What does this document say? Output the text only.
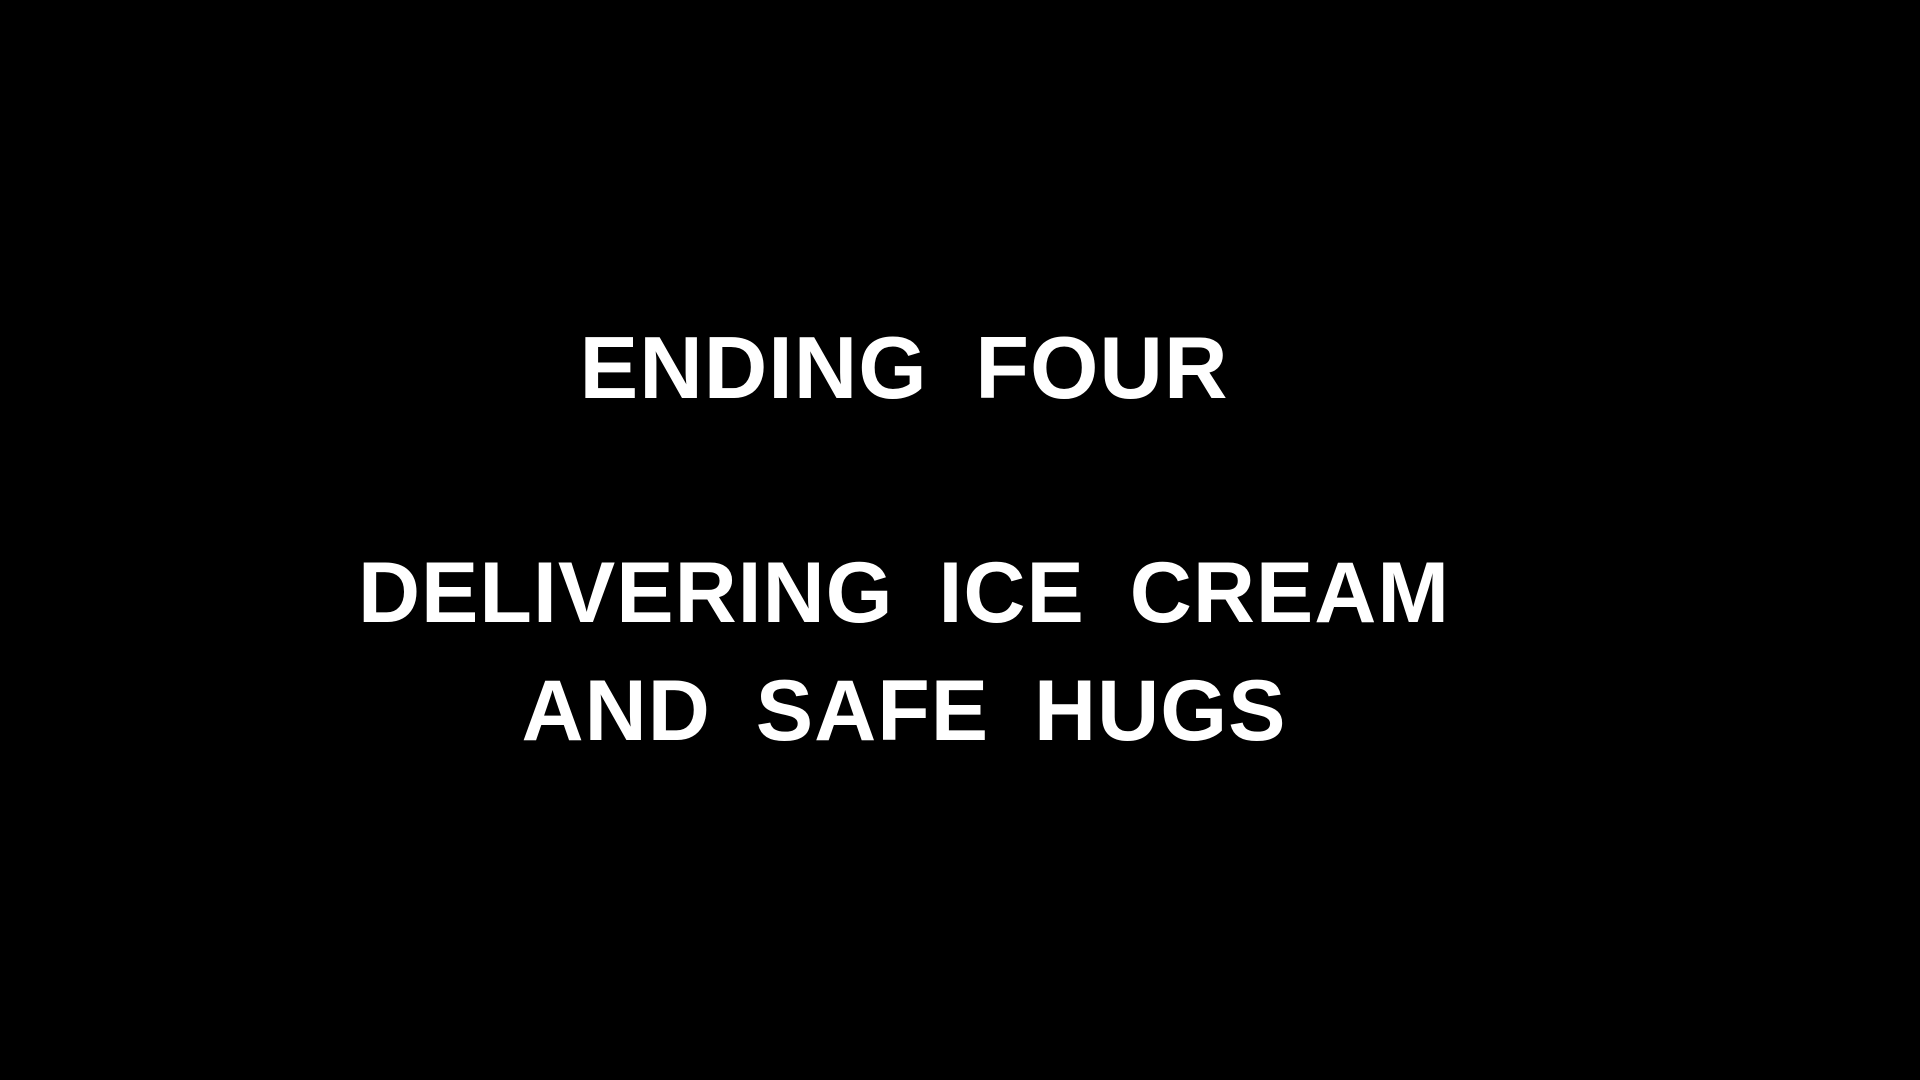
ENDING FOUR
DELIVERING ICE CREAM
AND SAFE HUGS
